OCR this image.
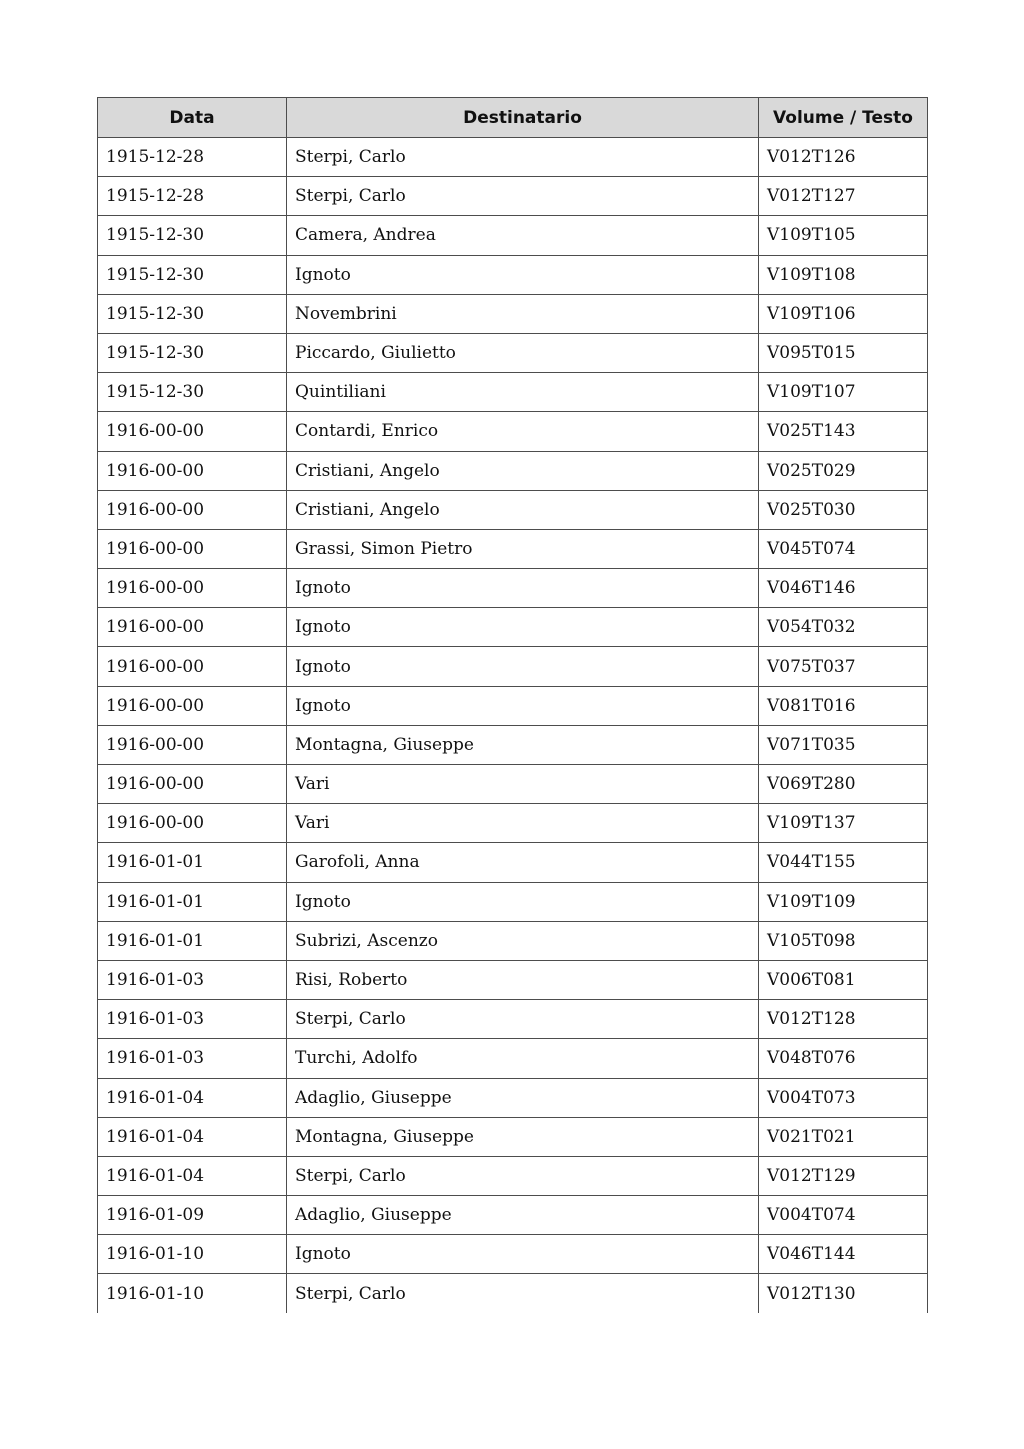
Data	Destinatario	Volume / Testo
1915-12-28	Sterpi, Carlo	V012T126
1915-12-28	Sterpi, Carlo	V012T127
1915-12-30	Camera, Andrea	V109T105
1915-12-30	Ignoto	V109T108
1915-12-30	Novembrini	V109T106
1915-12-30	Piccardo, Giulietto	V095T015
1915-12-30	Quintiliani	V109T107
1916-00-00	Contardi, Enrico	V025T143
1916-00-00	Cristiani, Angelo	V025T029
1916-00-00	Cristiani, Angelo	V025T030
1916-00-00	Grassi, Simon Pietro	V045T074
1916-00-00	Ignoto	V046T146
1916-00-00	Ignoto	V054T032
1916-00-00	Ignoto	V075T037
1916-00-00	Ignoto	V081T016
1916-00-00	Montagna, Giuseppe	V071T035
1916-00-00	Vari	V069T280
1916-00-00	Vari	V109T137
1916-01-01	Garofoli, Anna	V044T155
1916-01-01	Ignoto	V109T109
1916-01-01	Subrizi, Ascenzo	V105T098
1916-01-03	Risi, Roberto	V006T081
1916-01-03	Sterpi, Carlo	V012T128
1916-01-03	Turchi, Adolfo	V048T076
1916-01-04	Adaglio, Giuseppe	V004T073
1916-01-04	Montagna, Giuseppe	V021T021
1916-01-04	Sterpi, Carlo	V012T129
1916-01-09	Adaglio, Giuseppe	V004T074
1916-01-10	Ignoto	V046T144
1916-01-10	Sterpi, Carlo	V012T130
